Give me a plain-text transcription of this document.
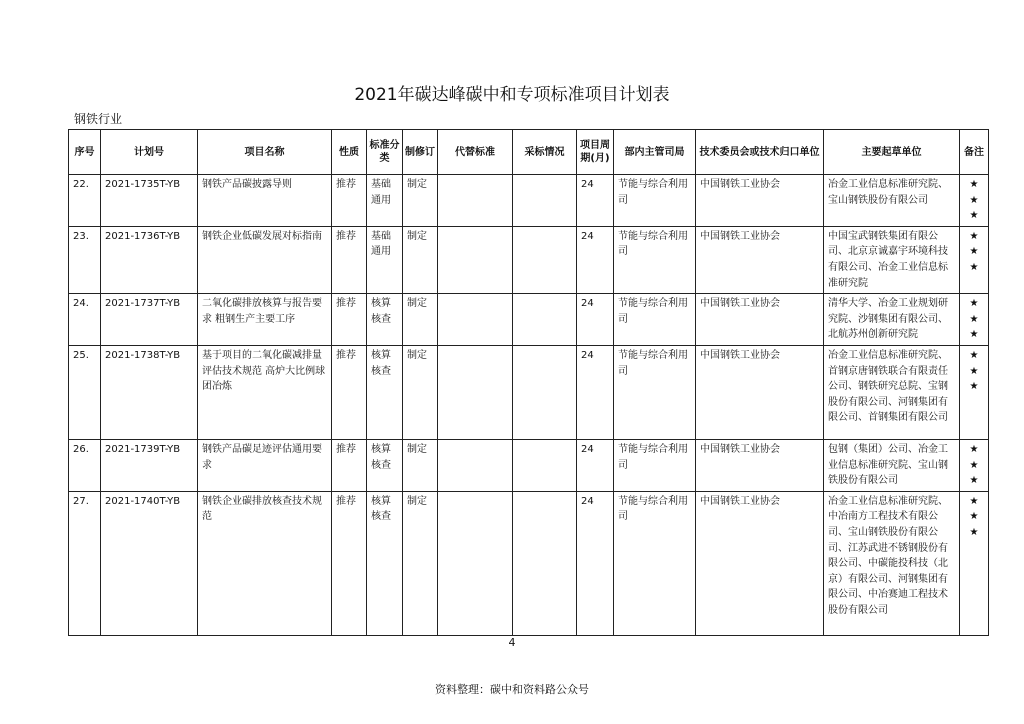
2021年碳达峰碳中和专项标准项目计划表
钢铁行业
序号	计划号	项目名称	性质	标准分类	制修订	代替标准	采标情况	项目周期(月)	部内主管司局	技术委员会或技术归口单位	主要起草单位	备注
22.	2021-1735T-YB	钢铁产品碳披露导则	推荐	基础通用	制定			24	节能与综合利用司	中国钢铁工业协会	冶金工业信息标准研究院、宝山钢铁股份有限公司	★
★
★
23.	2021-1736T-YB	钢铁企业低碳发展对标指南	推荐	基础通用	制定			24	节能与综合利用司	中国钢铁工业协会	中国宝武钢铁集团有限公司、北京京诚嘉宇环境科技有限公司、冶金工业信息标准研究院	★
★
★
24.	2021-1737T-YB	二氧化碳排放核算与报告要求 粗钢生产主要工序	推荐	核算核查	制定			24	节能与综合利用司	中国钢铁工业协会	清华大学、冶金工业规划研究院、沙钢集团有限公司、北航苏州创新研究院	★
★
★
25.	2021-1738T-YB	基于项目的二氧化碳减排量评估技术规范 高炉大比例球团冶炼	推荐	核算核查	制定			24	节能与综合利用司	中国钢铁工业协会	冶金工业信息标准研究院、首钢京唐钢铁联合有限责任公司、钢铁研究总院、宝钢股份有限公司、河钢集团有限公司、首钢集团有限公司	★
★
★
26.	2021-1739T-YB	钢铁产品碳足迹评估通用要求	推荐	核算核查	制定			24	节能与综合利用司	中国钢铁工业协会	包钢（集团）公司、冶金工业信息标准研究院、宝山钢铁股份有限公司	★
★
★
27.	2021-1740T-YB	钢铁企业碳排放核查技术规范	推荐	核算核查	制定			24	节能与综合利用司	中国钢铁工业协会	冶金工业信息标准研究院、中冶南方工程技术有限公司、宝山钢铁股份有限公司、江苏武进不锈钢股份有限公司、中碳能投科技（北京）有限公司、河钢集团有限公司、中冶赛迪工程技术股份有限公司	★
★
★
4
资料整理：碳中和资料路公众号
